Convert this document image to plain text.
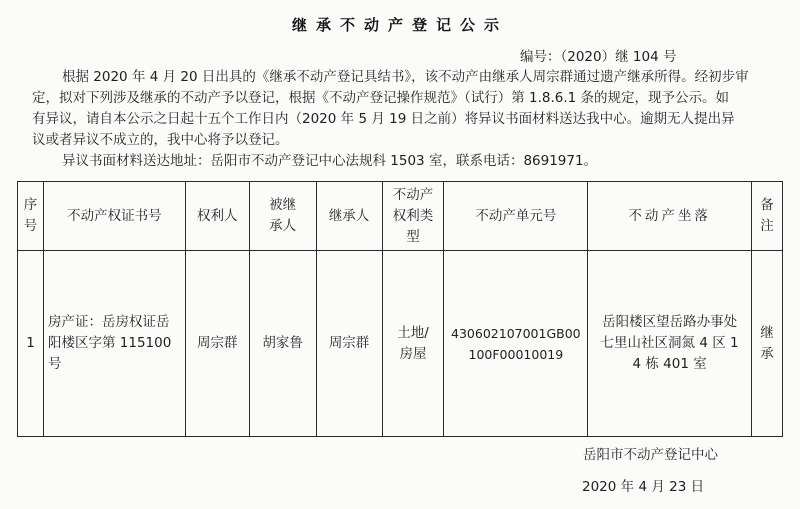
继承不动产登记公示
编号：（2020）继 104 号
根据 2020 年 4 月 20 日出具的《继承不动产登记具结书》，该不动产由继承人周宗群通过遗产继承所得。经初步审
定，拟对下列涉及继承的不动产予以登记，根据《不动产登记操作规范》（试行）第 1.8.6.1 条的规定，现予公示。如
有异议，请自本公示之日起十五个工作日内（2020 年 5 月 19 日之前）将异议书面材料送达我中心。逾期无人提出异
议或者异议不成立的，我中心将予以登记。
异议书面材料送达地址：岳阳市不动产登记中心法规科 1503 室，联系电话：8691971。
序号	不动产权证书号	权利人	被继承人	继承人	不动产权利类型	不动产单元号	不动产坐落	备注
1	房产证：岳房权证岳阳楼区字第 115100号	周宗群	胡家鲁	周宗群	土地/房屋	430602107001GB00100F00010019	岳阳楼区望岳路办事处七里山社区洞氮 4 区 14 栋 401 室	继承
岳阳市不动产登记中心
2020 年 4 月 23 日
